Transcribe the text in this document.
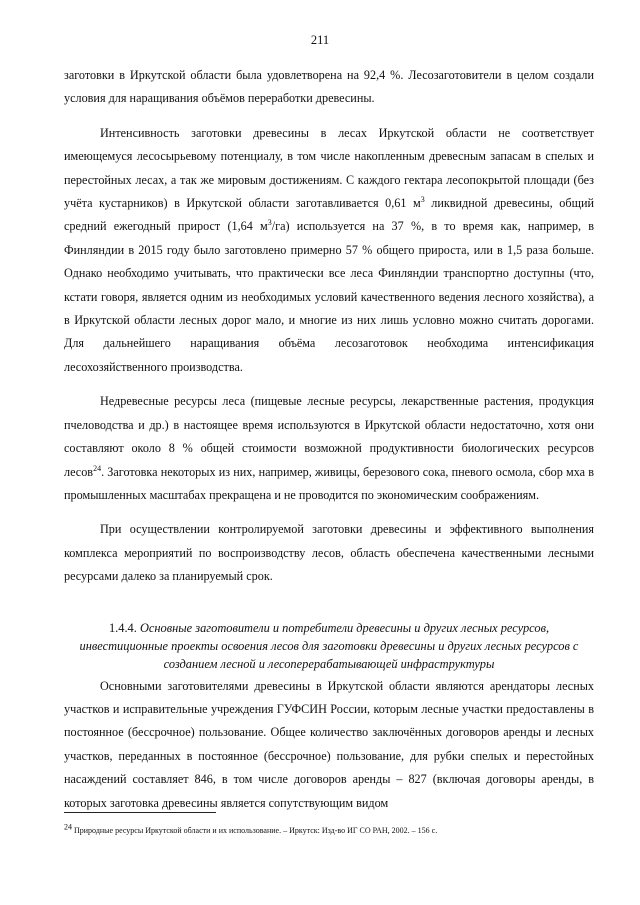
211

заготовки в Иркутской области была удовлетворена на 92,4 %. Лесозаготовители в целом создали условия для наращивания объёмов переработки древесины.

Интенсивность заготовки древесины в лесах Иркутской области не соответствует имеющемуся лесосырьевому потенциалу, в том числе накопленным древесным запасам в спелых и перестойных лесах, а так же мировым достижениям. С каждого гектара лесопокрытой площади (без учёта кустарников) в Иркутской области заготавливается 0,61 $м^3$ ликвидной древесины, общий средний ежегодный прирост (1,64 $м^3/га$) используется на 37 %, в то время как, например, в Финляндии в 2015 году было заготовлено примерно 57 % общего прироста, или в 1,5 раза больше. Однако необходимо учитывать, что практически все леса Финляндии транспортно доступны (что, кстати говоря, является одним из необходимых условий качественного ведения лесного хозяйства), а в Иркутской области лесных дорог мало, и многие из них лишь условно можно считать дорогами. Для дальнейшего наращивания объёма лесозаготовок необходима интенсификация лесохозяйственного производства.

Недревесные ресурсы леса (пищевые лесные ресурсы, лекарственные растения, продукция пчеловодства и др.) в настоящее время используются в Иркутской области недостаточно, хотя они составляют около 8 % общей стоимости возможной продуктивности биологических ресурсов лесов$^{24}$. Заготовка некоторых из них, например, живицы, березового сока, пневого осмола, сбор мха в промышленных масштабах прекращена и не проводится по экономическим соображениям.

При осуществлении контролируемой заготовки древесины и эффективного выполнения комплекса мероприятий по воспроизводству лесов, область обеспечена качественными лесными ресурсами далеко за планируемый срок.

1.4.4. Основные заготовители и потребители древесины и других лесных ресурсов, инвестиционные проекты освоения лесов для заготовки древесины и других лесных ресурсов с созданием лесной и лесоперерабатывающей инфраструктуры

Основными заготовителями древесины в Иркутской области являются арендаторы лесных участков и исправительные учреждения ГУФСИН России, которым лесные участки предоставлены в постоянное (бессрочное) пользование. Общее количество заключённых договоров аренды и лесных участков, переданных в постоянное (бессрочное) пользование, для рубки спелых и перестойных насаждений составляет 846, в том числе договоров аренды – 827 (включая договоры аренды, в которых заготовка древесины является сопутствующим видом

$^{24}$ Природные ресурсы Иркутской области и их использование. – Иркутск: Изд-во ИГ СО РАН, 2002. – 156 с.
